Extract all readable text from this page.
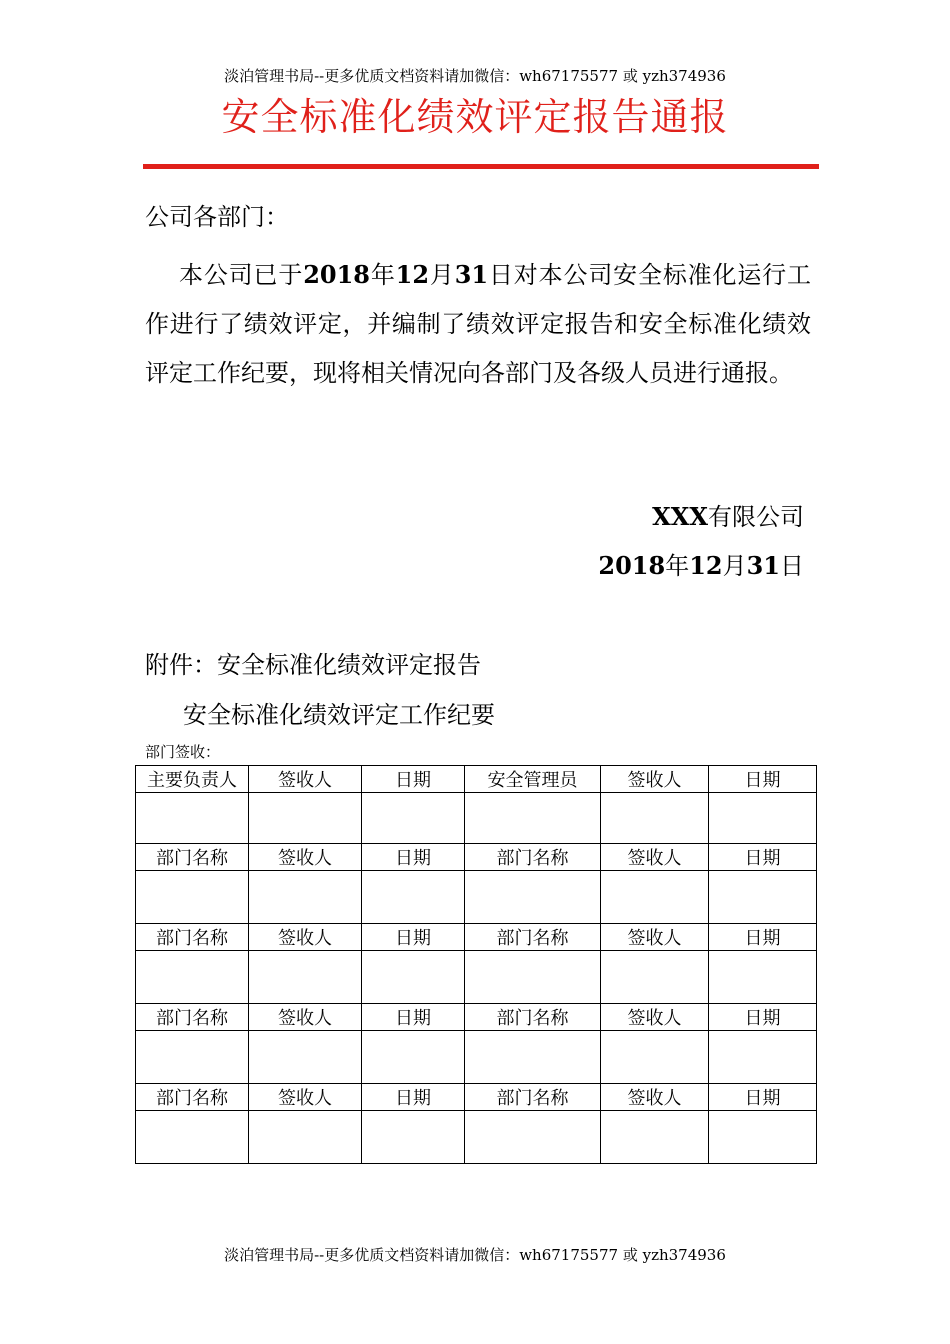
淡泊管理书局--更多优质文档资料请加微信：wh67175577 或 yzh374936
安全标准化绩效评定报告通报
公司各部门：
本公司已于2018年12月31日对本公司安全标准化运行工作进行了绩效评定，并编制了绩效评定报告和安全标准化绩效评定工作纪要，现将相关情况向各部门及各级人员进行通报。
XXX有限公司
2018年12月31日
附件：安全标准化绩效评定报告
安全标准化绩效评定工作纪要
部门签收：
主要负责人	签收人	日期	安全管理员	签收人	日期

部门名称	签收人	日期	部门名称	签收人	日期

部门名称	签收人	日期	部门名称	签收人	日期

部门名称	签收人	日期	部门名称	签收人	日期

部门名称	签收人	日期	部门名称	签收人	日期

淡泊管理书局--更多优质文档资料请加微信：wh67175577 或 yzh374936
